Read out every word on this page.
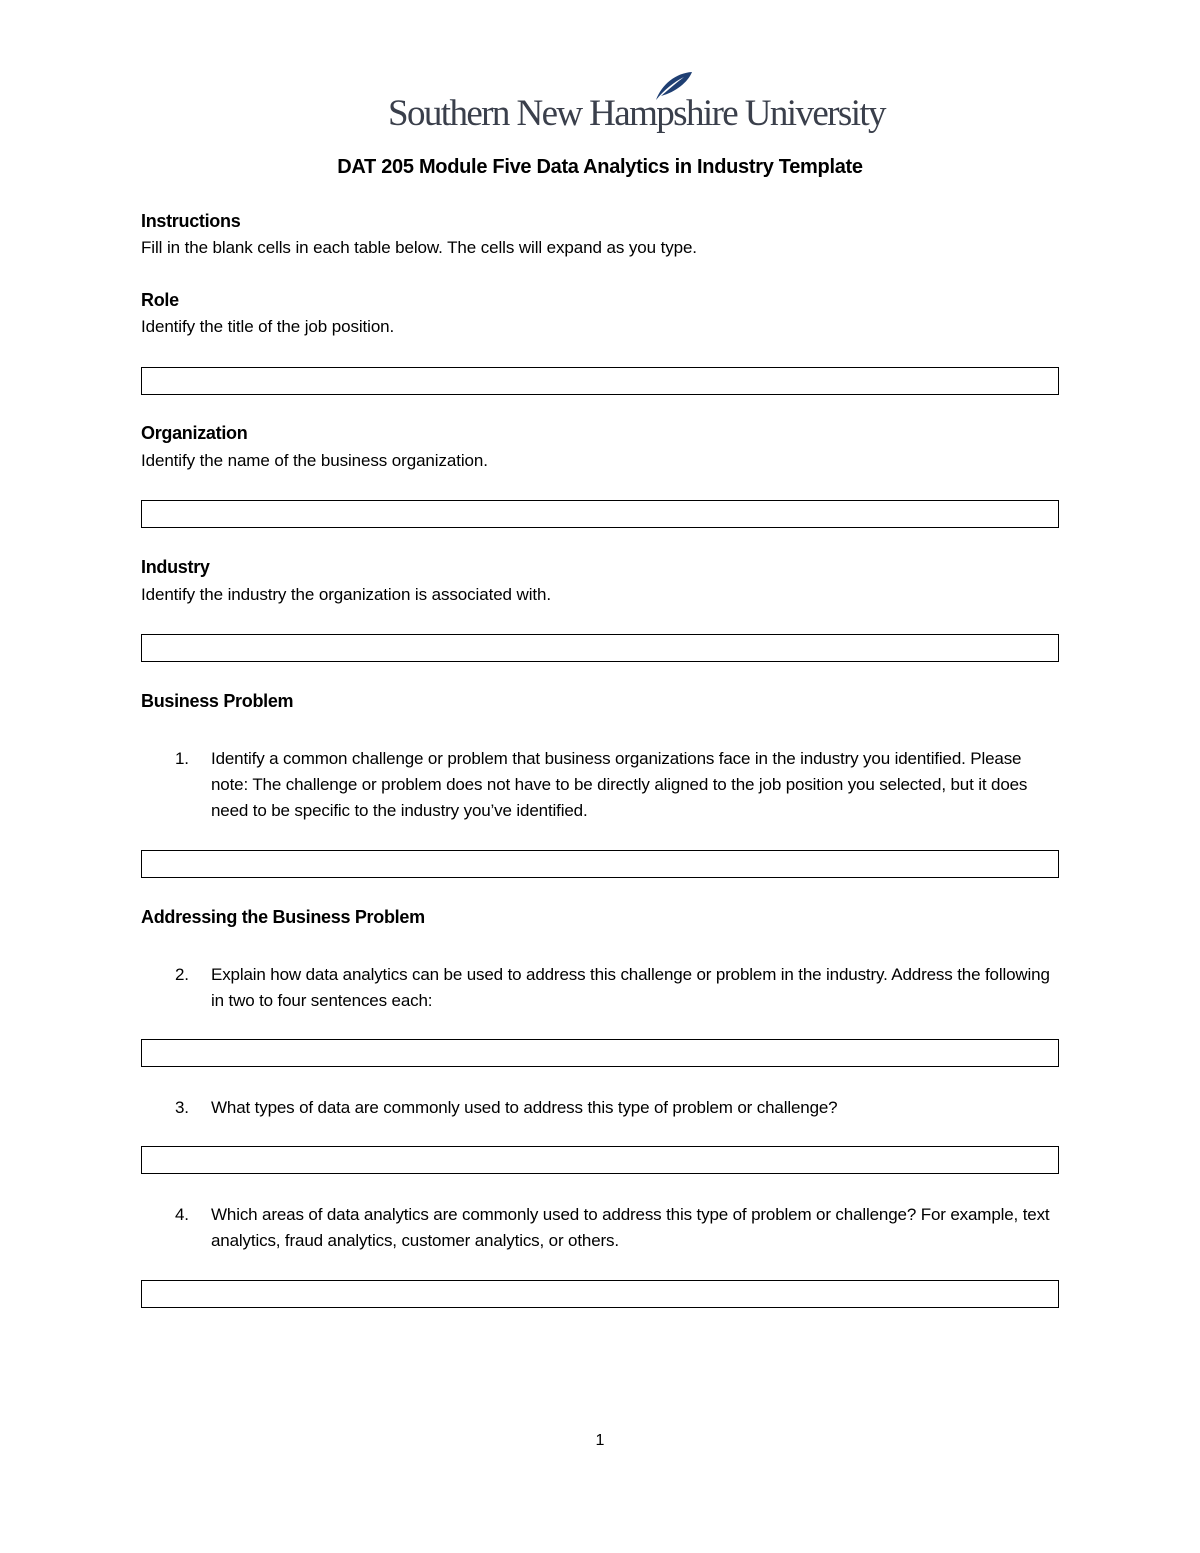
Southern New Hampshire University
DAT 205 Module Five Data Analytics in Industry Template
Instructions
Fill in the blank cells in each table below. The cells will expand as you type.
Role
Identify the title of the job position.
Organization
Identify the name of the business organization.
Industry
Identify the industry the organization is associated with.
Business Problem
1. Identify a common challenge or problem that business organizations face in the industry you identified. Please note: The challenge or problem does not have to be directly aligned to the job position you selected, but it does need to be specific to the industry you’ve identified.
Addressing the Business Problem
2. Explain how data analytics can be used to address this challenge or problem in the industry. Address the following in two to four sentences each:
3. What types of data are commonly used to address this type of problem or challenge?
4. Which areas of data analytics are commonly used to address this type of problem or challenge? For example, text analytics, fraud analytics, customer analytics, or others.
1
